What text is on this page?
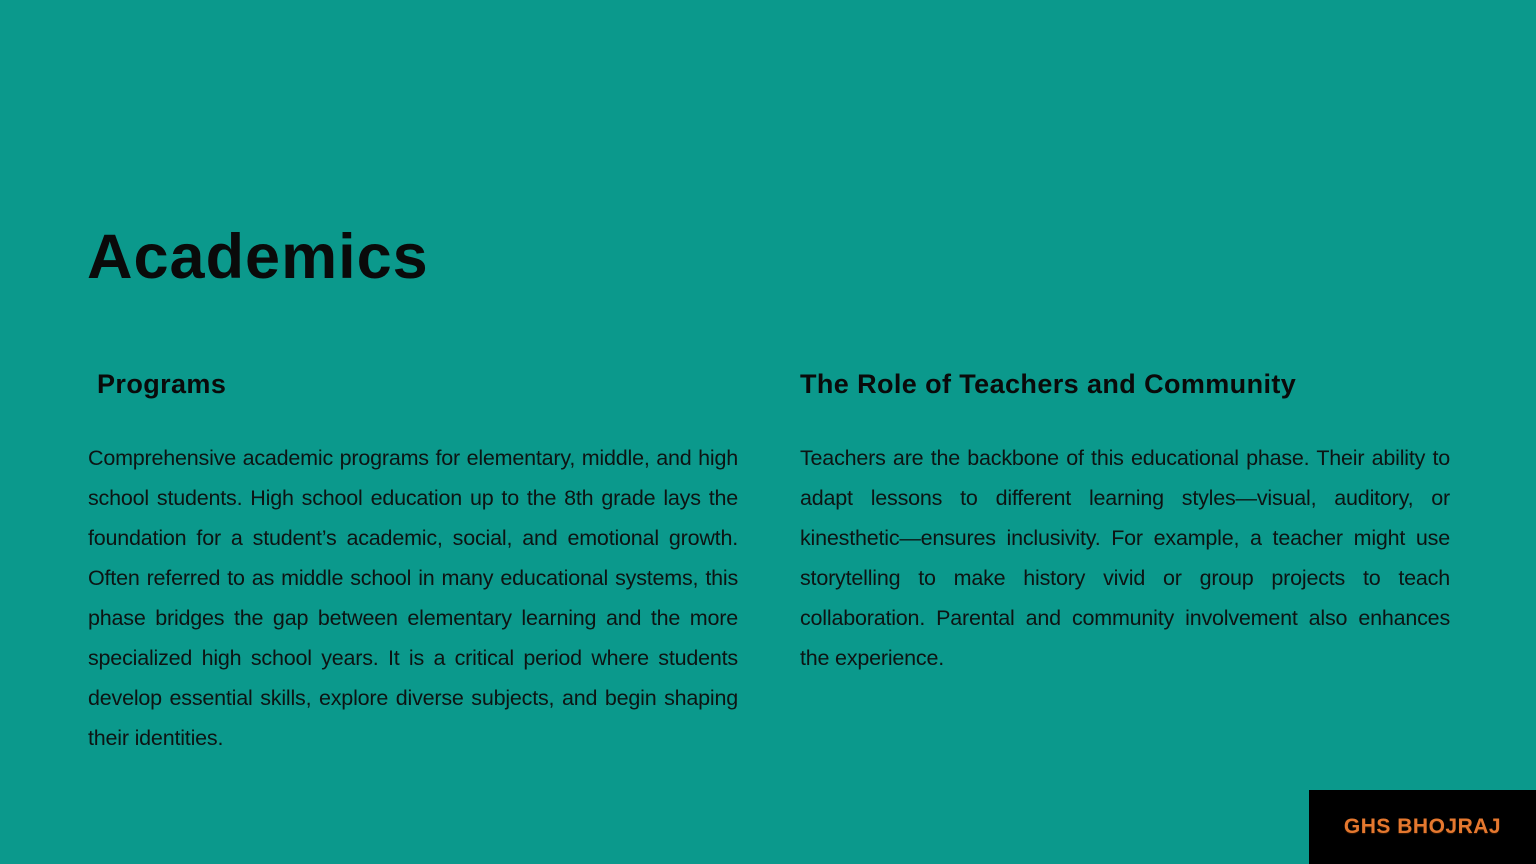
Academics
Programs

Comprehensive academic programs for elementary, middle, and high school students. High school education up to the 8th grade lays the foundation for a student’s academic, social, and emotional growth. Often referred to as middle school in many educational systems, this phase bridges the gap between elementary learning and the more specialized high school years. It is a critical period where students develop essential skills, explore diverse subjects, and begin shaping their identities.

The Role of Teachers and Community

Teachers are the backbone of this educational phase. Their ability to adapt lessons to different learning styles—visual, auditory, or kinesthetic—ensures inclusivity. For example, a teacher might use storytelling to make history vivid or group projects to teach collaboration. Parental and community involvement also enhances the experience.

GHS BHOJRAJ
